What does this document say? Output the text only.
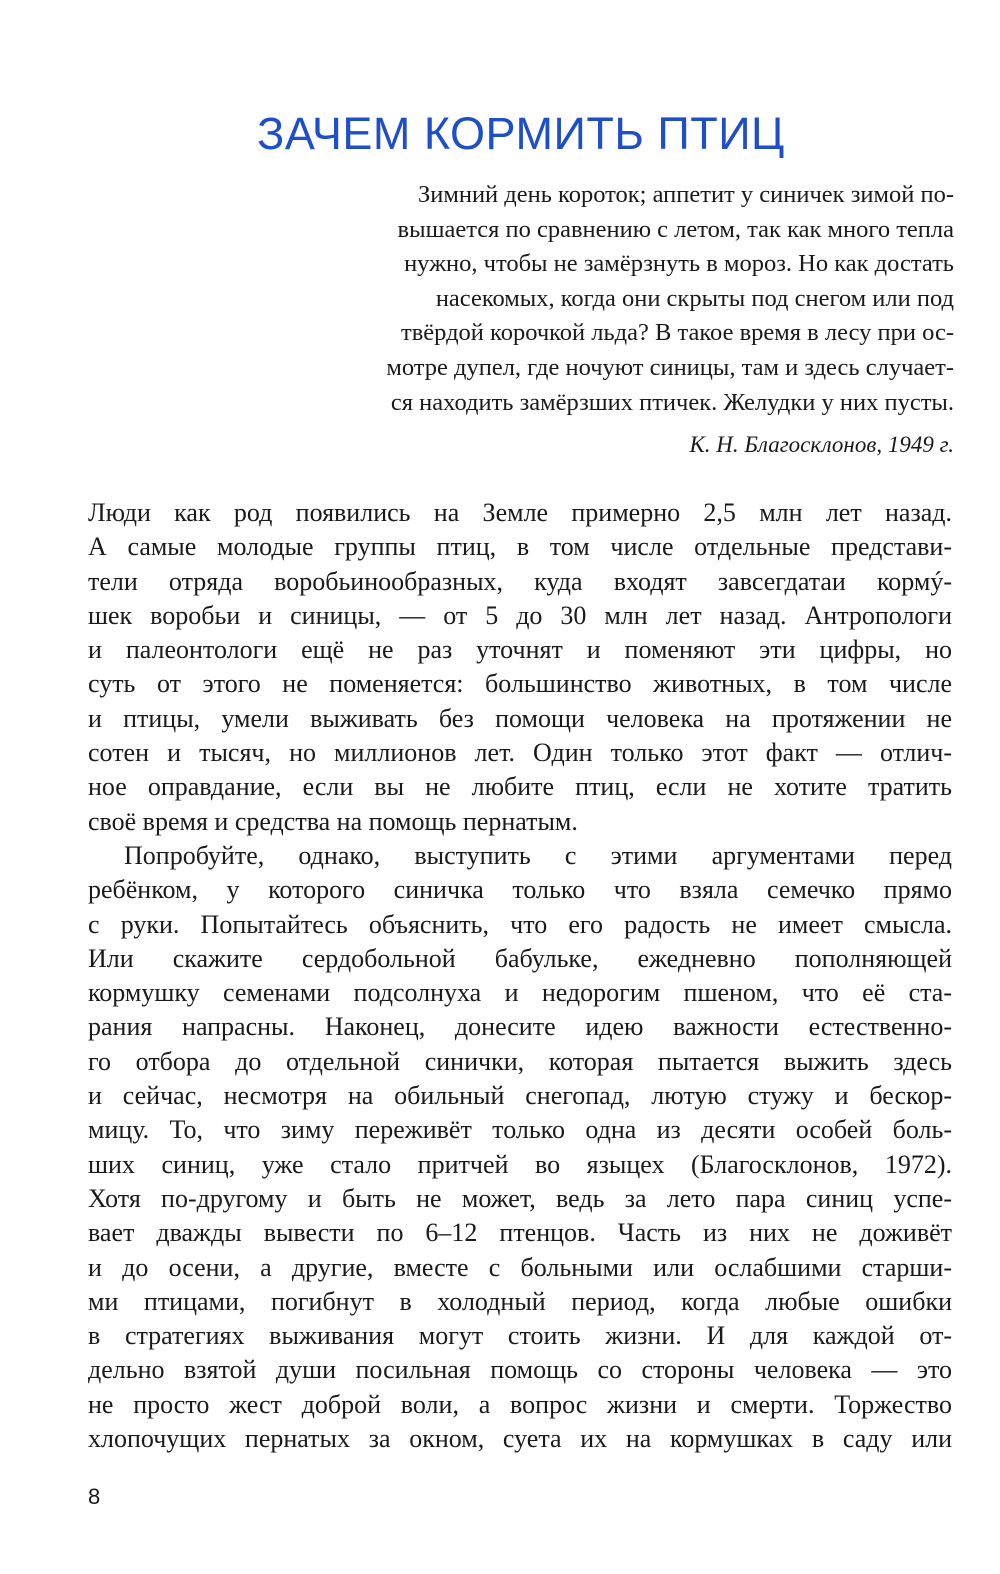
ЗАЧЕМ КОРМИТЬ ПТИЦ
Зимний день короток; аппетит у синичек зимой по-
вышается по сравнению с летом, так как много тепла
нужно, чтобы не замёрзнуть в мороз. Но как достать
насекомых, когда они скрыты под снегом или под
твёрдой корочкой льда? В такое время в лесу при ос-
мотре дупел, где ночуют синицы, там и здесь случает-
ся находить замёрзших птичек. Желудки у них пусты.
К. Н. Благосклонов, 1949 г.
Люди как род появились на Земле примерно 2,5 млн лет назад.
А самые молодые группы птиц, в том числе отдельные представи-
тели отряда воробьинообразных, куда входят завсегдатаи кормý-
шек воробьи и синицы, — от 5 до 30 млн лет назад. Антропологи
и палеонтологи ещё не раз уточнят и поменяют эти цифры, но
суть от этого не поменяется: большинство животных, в том числе
и птицы, умели выживать без помощи человека на протяжении не
сотен и тысяч, но миллионов лет. Один только этот факт — отлич-
ное оправдание, если вы не любите птиц, если не хотите тратить
своё время и средства на помощь пернатым.
Попробуйте, однако, выступить с этими аргументами перед
ребёнком, у которого синичка только что взяла семечко прямо
с руки. Попытайтесь объяснить, что его радость не имеет смысла.
Или скажите сердобольной бабульке, ежедневно пополняющей
кормушку семенами подсолнуха и недорогим пшеном, что её ста-
рания напрасны. Наконец, донесите идею важности естественно-
го отбора до отдельной синички, которая пытается выжить здесь
и сейчас, несмотря на обильный снегопад, лютую стужу и бескор-
мицу. То, что зиму переживёт только одна из десяти особей боль-
ших синиц, уже стало притчей во языцех (Благосклонов, 1972).
Хотя по-другому и быть не может, ведь за лето пара синиц успе-
вает дважды вывести по 6–12 птенцов. Часть из них не доживёт
и до осени, а другие, вместе с больными или ослабшими старши-
ми птицами, погибнут в холодный период, когда любые ошибки
в стратегиях выживания могут стоить жизни. И для каждой от-
дельно взятой души посильная помощь со стороны человека — это
не просто жест доброй воли, а вопрос жизни и смерти. Торжество
хлопочущих пернатых за окном, суета их на кормушках в саду или
8
